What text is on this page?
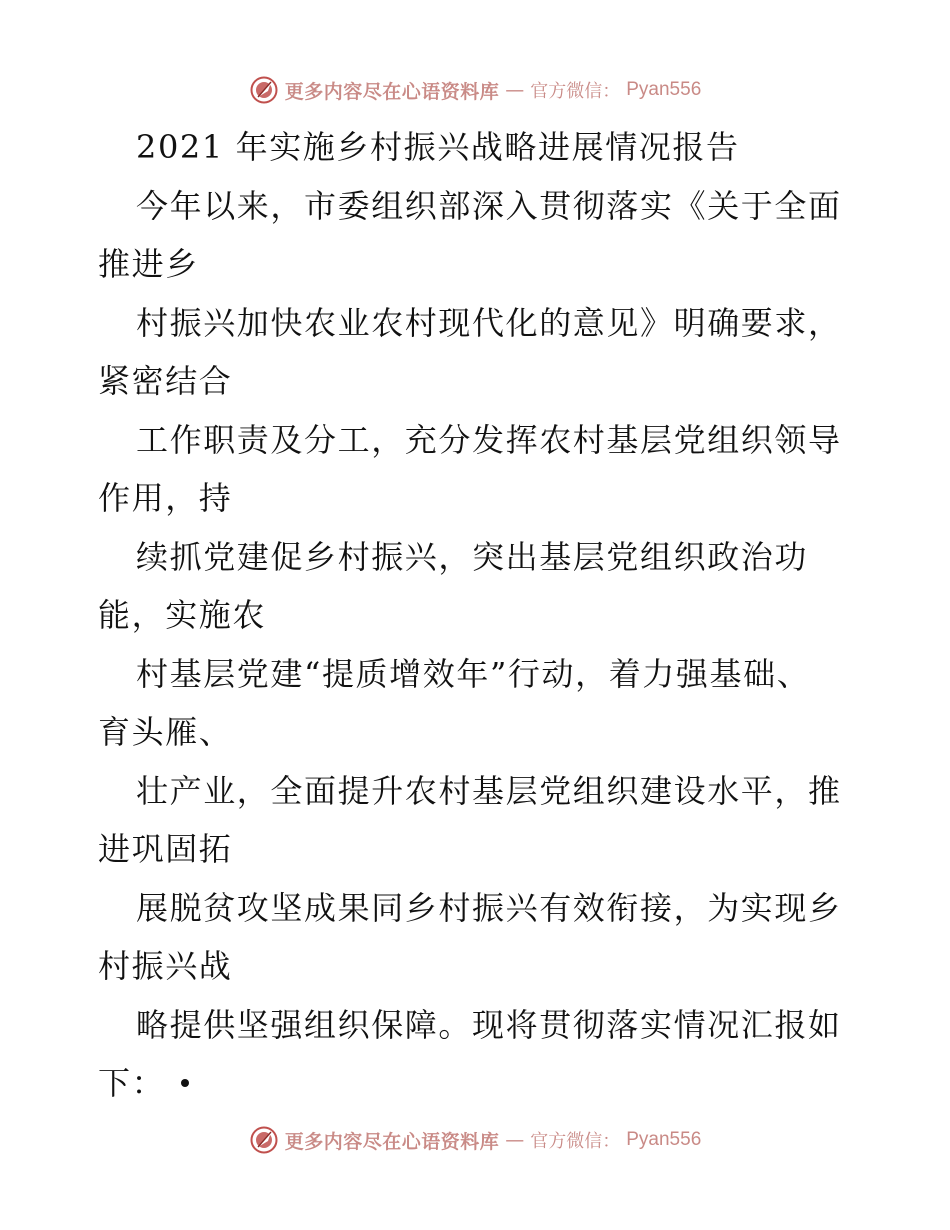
更多内容尽在心语资料库 — 官方微信： Pyan556
2021 年实施乡村振兴战略进展情况报告
今年以来，市委组织部深入贯彻落实《关于全面
推进乡
村振兴加快农业农村现代化的意见》明确要求，
紧密结合
工作职责及分工，充分发挥农村基层党组织领导
作用，持
续抓党建促乡村振兴，突出基层党组织政治功
能，实施农
村基层党建“提质增效年”行动，着力强基础、
育头雁、
壮产业，全面提升农村基层党组织建设水平，推
进巩固拓
展脱贫攻坚成果同乡村振兴有效衔接，为实现乡
村振兴战
略提供坚强组织保障。现将贯彻落实情况汇报如
下：
更多内容尽在心语资料库 — 官方微信： Pyan556
